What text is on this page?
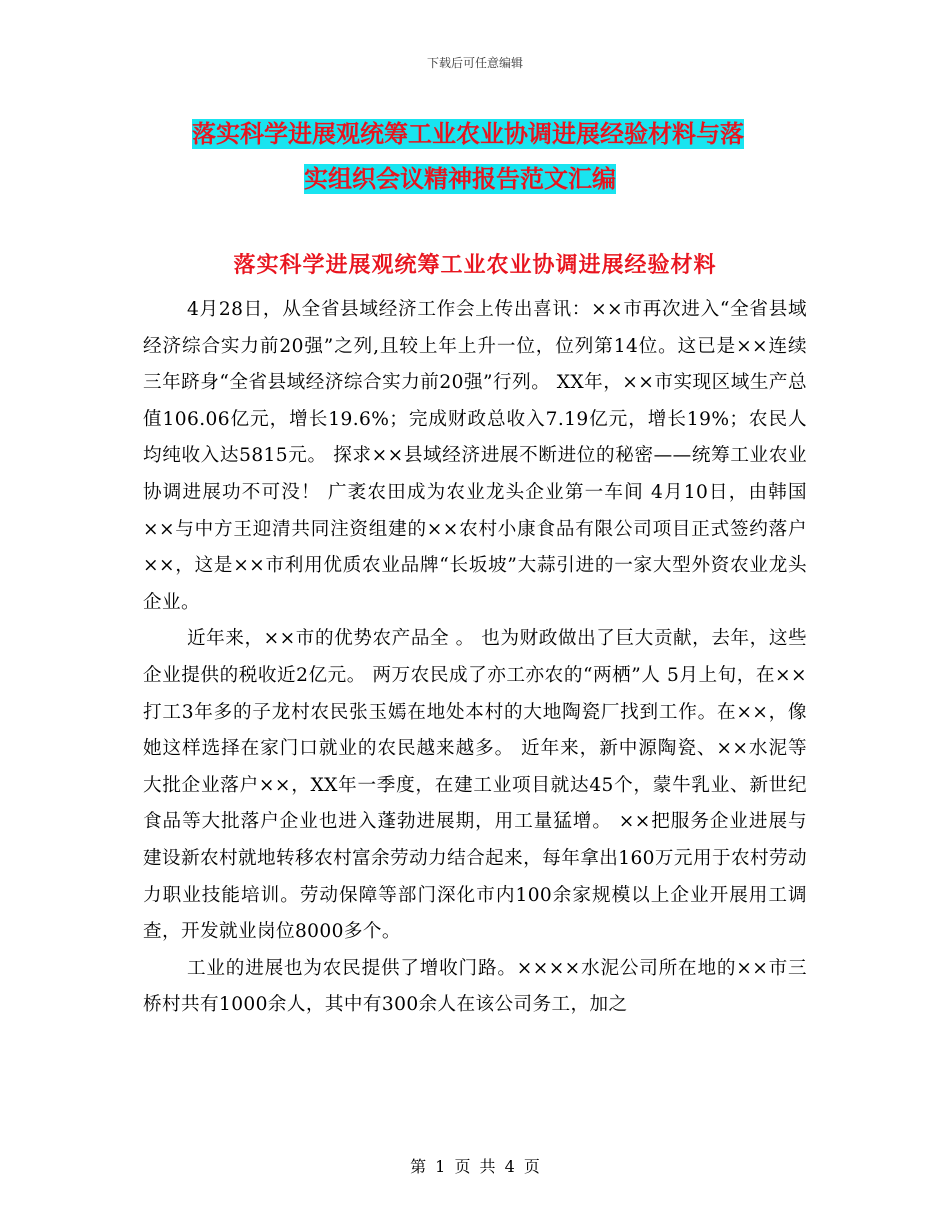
下载后可任意编辑
落实科学进展观统筹工业农业协调进展经验材料与落
实组织会议精神报告范文汇编
落实科学进展观统筹工业农业协调进展经验材料

4月28日，从全省县域经济工作会上传出喜讯：××市再次进入“全省县域经济综合实力前20强”之列,且较上年上升一位，位列第14位。这已是××连续三年跻身“全省县域经济综合实力前20强”行列。 XX年，××市实现区域生产总值106.06亿元，增长19.6%；完成财政总收入7.19亿元，增长19%；农民人均纯收入达5815元。 探求××县域经济进展不断进位的秘密——统筹工业农业协调进展功不可没！ 广袤农田成为农业龙头企业第一车间 4月10日，由韩国××与中方王迎清共同注资组建的××农村小康食品有限公司项目正式签约落户××，这是××市利用优质农业品牌“长坂坡”大蒜引进的一家大型外资农业龙头企业。

近年来，××市的优势农产品全 。 也为财政做出了巨大贡献，去年，这些企业提供的税收近2亿元。 两万农民成了亦工亦农的“两栖”人 5月上旬，在××打工3年多的子龙村农民张玉嫣在地处本村的大地陶瓷厂找到工作。在××，像她这样选择在家门口就业的农民越来越多。 近年来，新中源陶瓷、××水泥等大批企业落户××，XX年一季度，在建工业项目就达45个，蒙牛乳业、新世纪食品等大批落户企业也进入蓬勃进展期，用工量猛增。 ××把服务企业进展与建设新农村就地转移农村富余劳动力结合起来，每年拿出160万元用于农村劳动力职业技能培训。劳动保障等部门深化市内100余家规模以上企业开展用工调查，开发就业岗位8000多个。

工业的进展也为农民提供了增收门路。××××水泥公司所在地的××市三桥村共有1000余人，其中有300余人在该公司务工，加之

第 1 页 共 4 页
